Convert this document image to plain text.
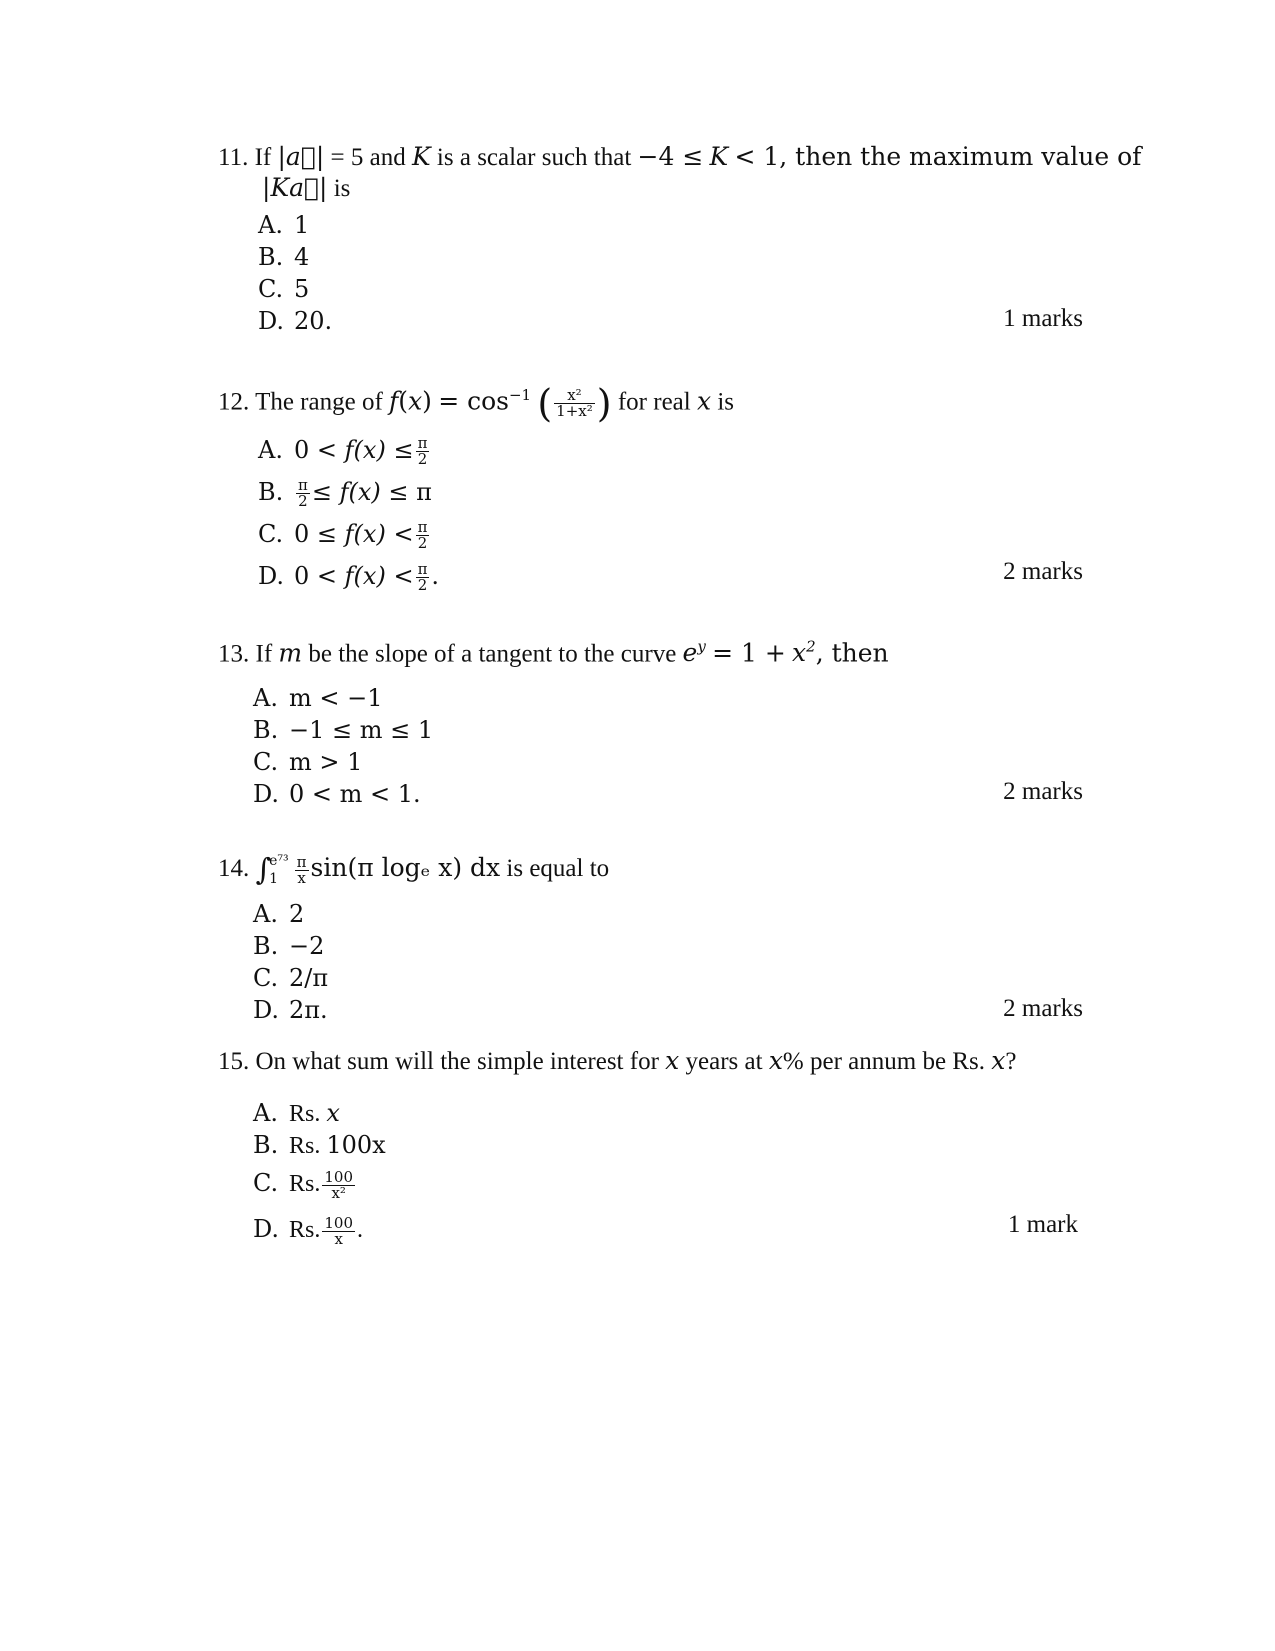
11. If |a⃗| = 5 and K is a scalar such that −4 ≤ K < 1, then the maximum value of
|Ka⃗| is
A. 1
B. 4
C. 5
D. 20.	1 marks
12. The range of $f(x) = \cos^{-1}$ ( $\frac{\text{x²}}{\text{1+x²}}$ ) for real x is
A. $0 < f(x) \le \frac{\pi}{2}$
B. $\frac{\pi}{2} \le f(x) \le \pi$
C. $0 \le f(x) < \frac{\pi}{2}$
D. $0 < f(x) < \frac{\pi}{2}$ .	2 marks
13. If m be the slope of a tangent to the curve $e^y = 1 + x^2$, then
A. m < −1
B. −1 ≤ m ≤ 1
C. m > 1
D. 0 < m < 1.	2 marks
14. ∫
e⁷³
1	$\frac{\pi}{x} \sin(\pi$ logₑ x) dx is equal to
A. 2
B. −2
C. 2/π
D. 2π.	2 marks
15. On what sum will the simple interest for x years at x% per annum be Rs. x?
A. Rs. x
B. Rs. 100x
C. Rs. $\frac{100}{\text{x²}}$
D. Rs. $\frac{100}{x}$ .	1 mark
